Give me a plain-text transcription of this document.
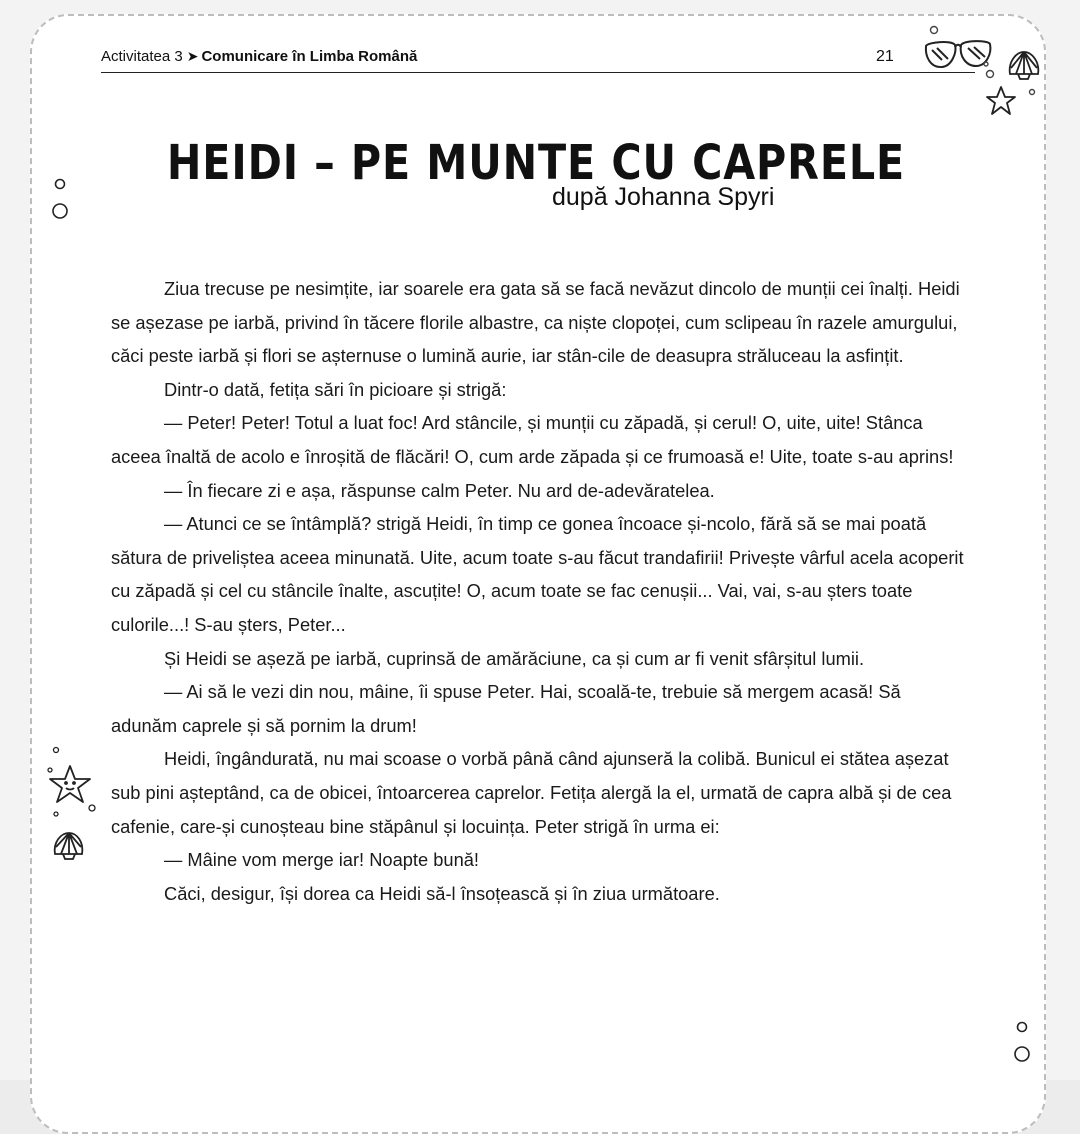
Activitatea 3 ➤ Comunicare în Limba Română	21
HEIDI – PE MUNTE CU CAPRELE
după Johanna Spyri

Ziua trecuse pe nesimțite, iar soarele era gata să se facă nevăzut dincolo de munții cei înalți. Heidi se așezase pe iarbă, privind în tăcere florile albastre, ca niște clopoței, cum sclipeau în razele amurgului, căci peste iarbă și flori se așternuse o lumină aurie, iar stân-cile de deasupra străluceau la asfințit.

Dintr-o dată, fetița sări în picioare și strigă:

— Peter! Peter! Totul a luat foc! Ard stâncile, și munții cu zăpadă, și cerul! O, uite, uite! Stânca aceea înaltă de acolo e înroșită de flăcări! O, cum arde zăpada și ce frumoasă e! Uite, toate s-au aprins!

— În fiecare zi e așa, răspunse calm Peter. Nu ard de-adevăratelea.

— Atunci ce se întâmplă? strigă Heidi, în timp ce gonea încoace și-ncolo, fără să se mai poată sătura de priveliștea aceea minunată. Uite, acum toate s-au făcut trandafirii! Privește vârful acela acoperit cu zăpadă și cel cu stâncile înalte, ascuțite! O, acum toate se fac cenușii... Vai, vai, s-au șters toate culorile...! S-au șters, Peter...

Și Heidi se așeză pe iarbă, cuprinsă de amărăciune, ca și cum ar fi venit sfârșitul lumii.

— Ai să le vezi din nou, mâine, îi spuse Peter. Hai, scoală-te, trebuie să mergem acasă! Să adunăm caprele și să pornim la drum!

Heidi, îngândurată, nu mai scoase o vorbă până când ajunseră la colibă. Bunicul ei stătea așezat sub pini așteptând, ca de obicei, întoarcerea caprelor. Fetița alergă la el, urmată de capra albă și de cea cafenie, care-și cunoșteau bine stăpânul și locuința. Peter strigă în urma ei:

— Mâine vom merge iar! Noapte bună!

Căci, desigur, își dorea ca Heidi să-l însoțească și în ziua următoare.
